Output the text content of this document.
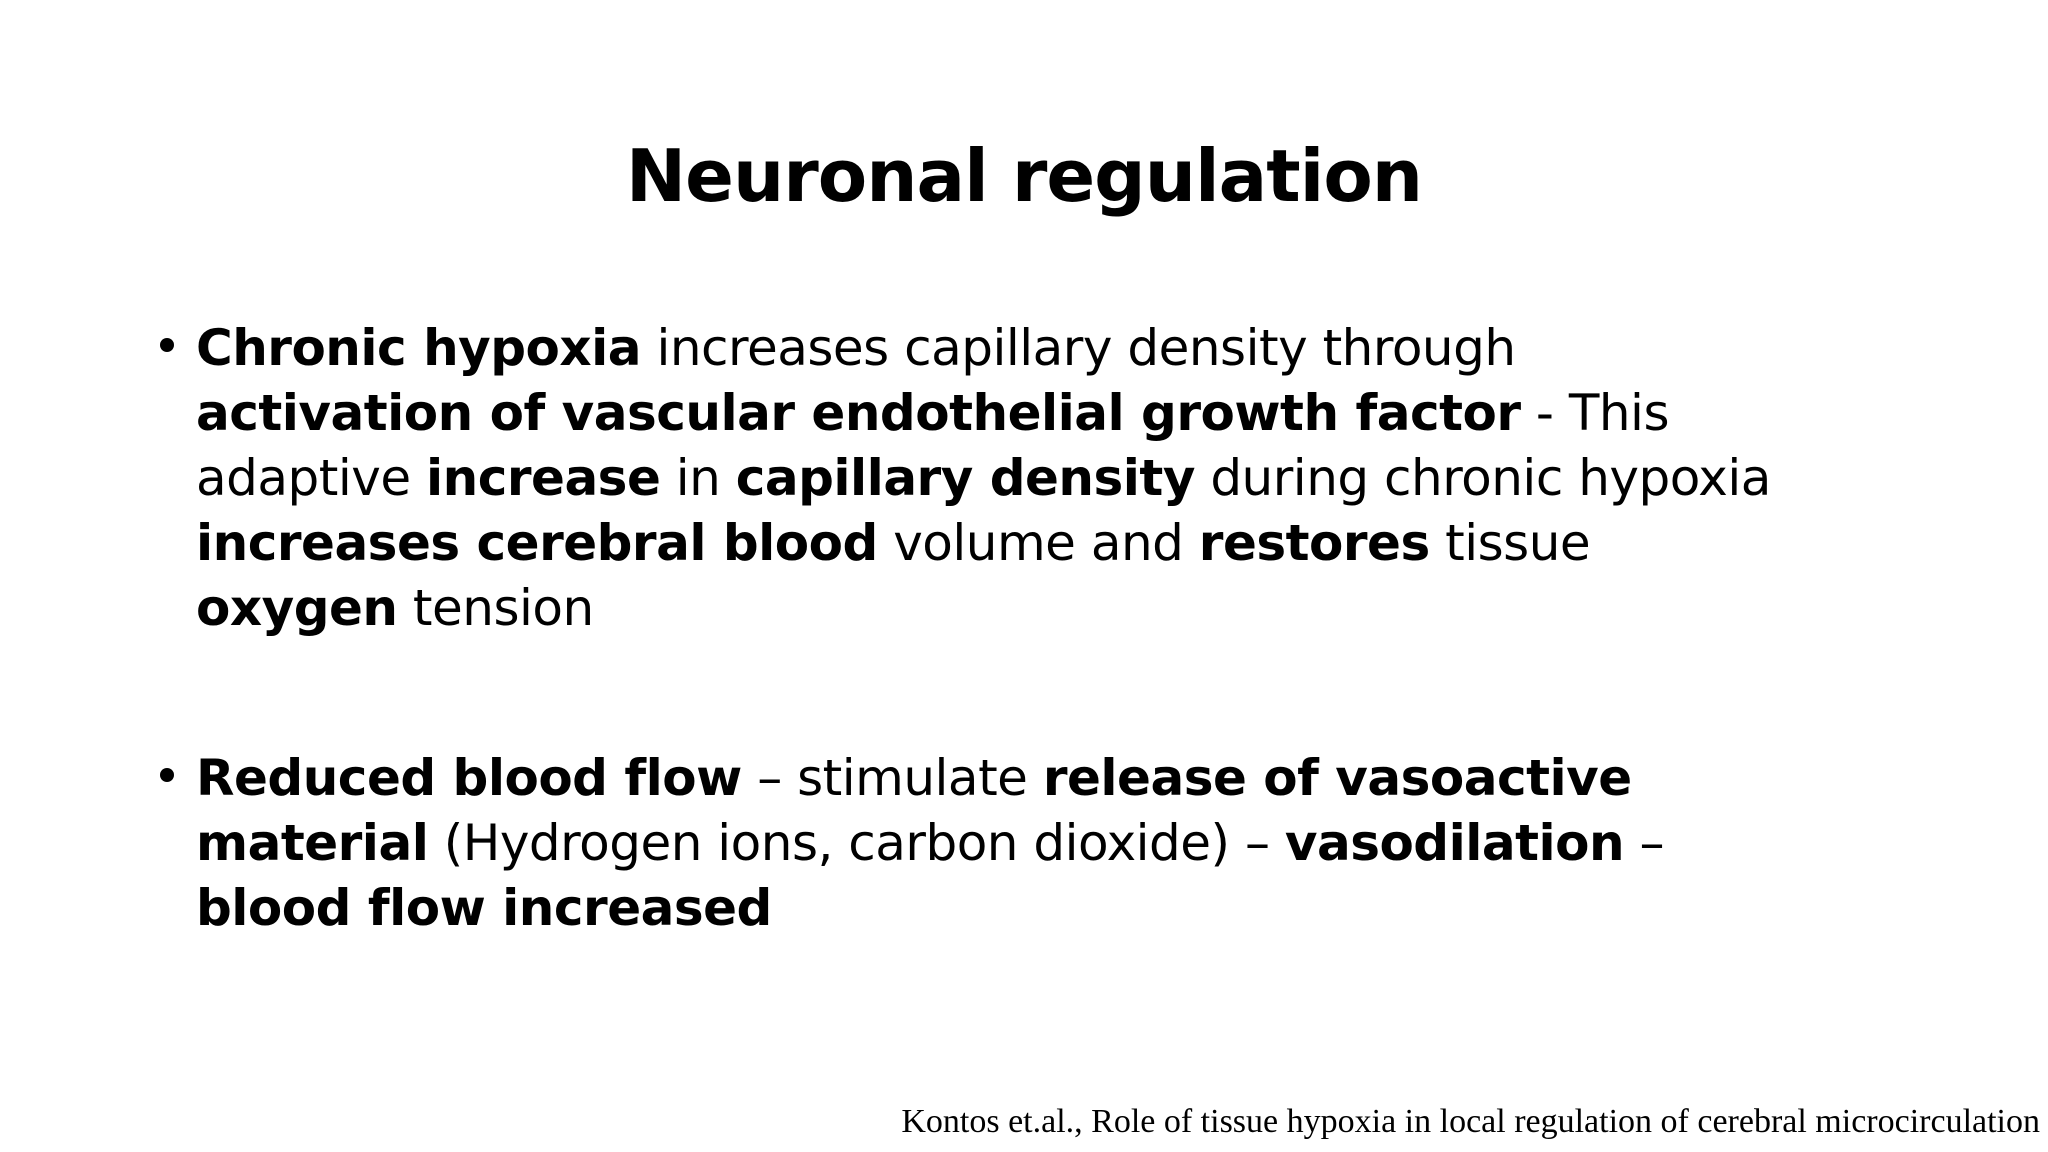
Neuronal regulation
Chronic hypoxia increases capillary density through activation of vascular endothelial growth factor - This adaptive increase in capillary density during chronic hypoxia increases cerebral blood volume and restores tissue oxygen tension
Reduced blood flow – stimulate release of vasoactive material (Hydrogen ions, carbon dioxide) – vasodilation – blood flow increased
Kontos et.al., Role of tissue hypoxia in local regulation of cerebral microcirculation
